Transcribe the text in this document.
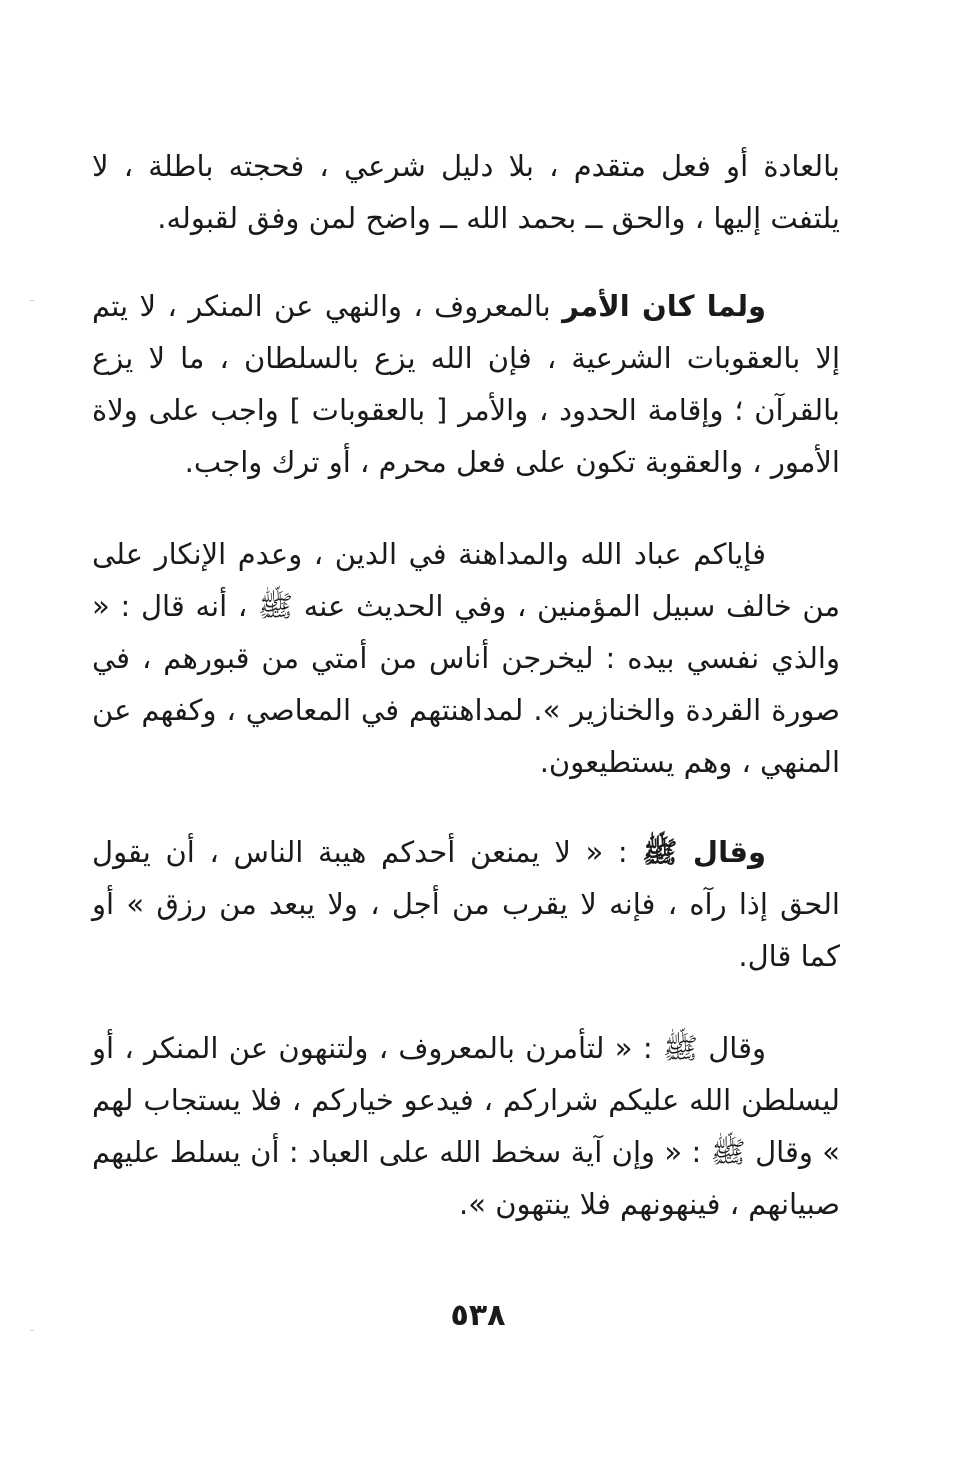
بالعادة أو فعل متقدم ، بلا دليل شرعي ، فحجته باطلة ، لا يلتفت إليها ، والحق ــ بحمد الله ــ واضح لمن وفق لقبوله.

ولما كان الأمر بالمعروف ، والنهي عن المنكر ، لا يتم إلا بالعقوبات الشرعية ، فإن الله يزع بالسلطان ، ما لا يزع بالقرآن ؛ وإقامة الحدود ، والأمر [ بالعقوبات ] واجب على ولاة الأمور ، والعقوبة تكون على فعل محرم ، أو ترك واجب.

فإياكم عباد الله والمداهنة في الدين ، وعدم الإنكار على من خالف سبيل المؤمنين ، وفي الحديث عنه ﷺ ، أنه قال : « والذي نفسي بيده : ليخرجن أناس من أمتي من قبورهم ، في صورة القردة والخنازير ». لمداهنتهم في المعاصي ، وكفهم عن المنهي ، وهم يستطيعون.

وقال ﷺ : « لا يمنعن أحدكم هيبة الناس ، أن يقول الحق إذا رآه ، فإنه لا يقرب من أجل ، ولا يبعد من رزق » أو كما قال.

وقال ﷺ : « لتأمرن بالمعروف ، ولتنهون عن المنكر ، أو ليسلطن الله عليكم شراركم ، فيدعو خياركم ، فلا يستجاب لهم » وقال ﷺ : « وإن آية سخط الله على العباد : أن يسلط عليهم صبيانهم ، فينهونهم فلا ينتهون ».

٥٣٨
